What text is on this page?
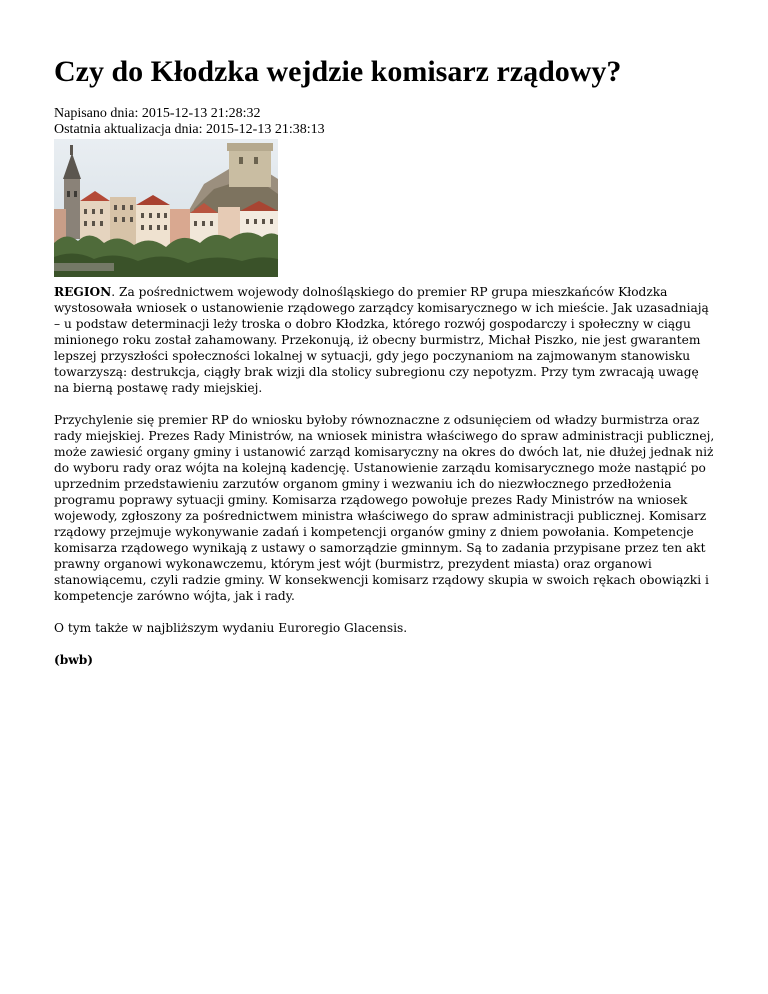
Czy do Kłodzka wejdzie komisarz rządowy?
Napisano dnia: 2015-12-13 21:28:32
Ostatnia aktualizacja dnia: 2015-12-13 21:38:13

REGION. Za pośrednictwem wojewody dolnośląskiego do premier RP grupa mieszkańców Kłodzka wystosowała wniosek o ustanowienie rządowego zarządcy komisarycznego w ich mieście. Jak uzasadniają – u podstaw determinacji leży troska o dobro Kłodzka, którego rozwój gospodarczy i społeczny w ciągu minionego roku został zahamowany. Przekonują, iż obecny burmistrz, Michał Piszko, nie jest gwarantem lepszej przyszłości społeczności lokalnej w sytuacji, gdy jego poczynaniom na zajmowanym stanowisku towarzyszą: destrukcja, ciągły brak wizji dla stolicy subregionu czy nepotyzm. Przy tym zwracają uwagę na bierną postawę rady miejskiej.

Przychylenie się premier RP do wniosku byłoby równoznaczne z odsunięciem od władzy burmistrza oraz rady miejskiej. Prezes Rady Ministrów, na wniosek ministra właściwego do spraw administracji publicznej, może zawiesić organy gminy i ustanowić zarząd komisaryczny na okres do dwóch lat, nie dłużej jednak niż do wyboru rady oraz wójta na kolejną kadencję. Ustanowienie zarządu komisarycznego może nastąpić po uprzednim przedstawieniu zarzutów organom gminy i wezwaniu ich do niezwłocznego przedłożenia programu poprawy sytuacji gminy. Komisarza rządowego powołuje prezes Rady Ministrów na wniosek wojewody, zgłoszony za pośrednictwem ministra właściwego do spraw administracji publicznej. Komisarz rządowy przejmuje wykonywanie zadań i kompetencji organów gminy z dniem powołania. Kompetencje komisarza rządowego wynikają z ustawy o samorządzie gminnym. Są to zadania przypisane przez ten akt prawny organowi wykonawczemu, którym jest wójt (burmistrz, prezydent miasta) oraz organowi stanowiącemu, czyli radzie gminy. W konsekwencji komisarz rządowy skupia w swoich rękach obowiązki i kompetencje zarówno wójta, jak i rady.

O tym także w najbliższym wydaniu Euroregio Glacensis.

(bwb)
